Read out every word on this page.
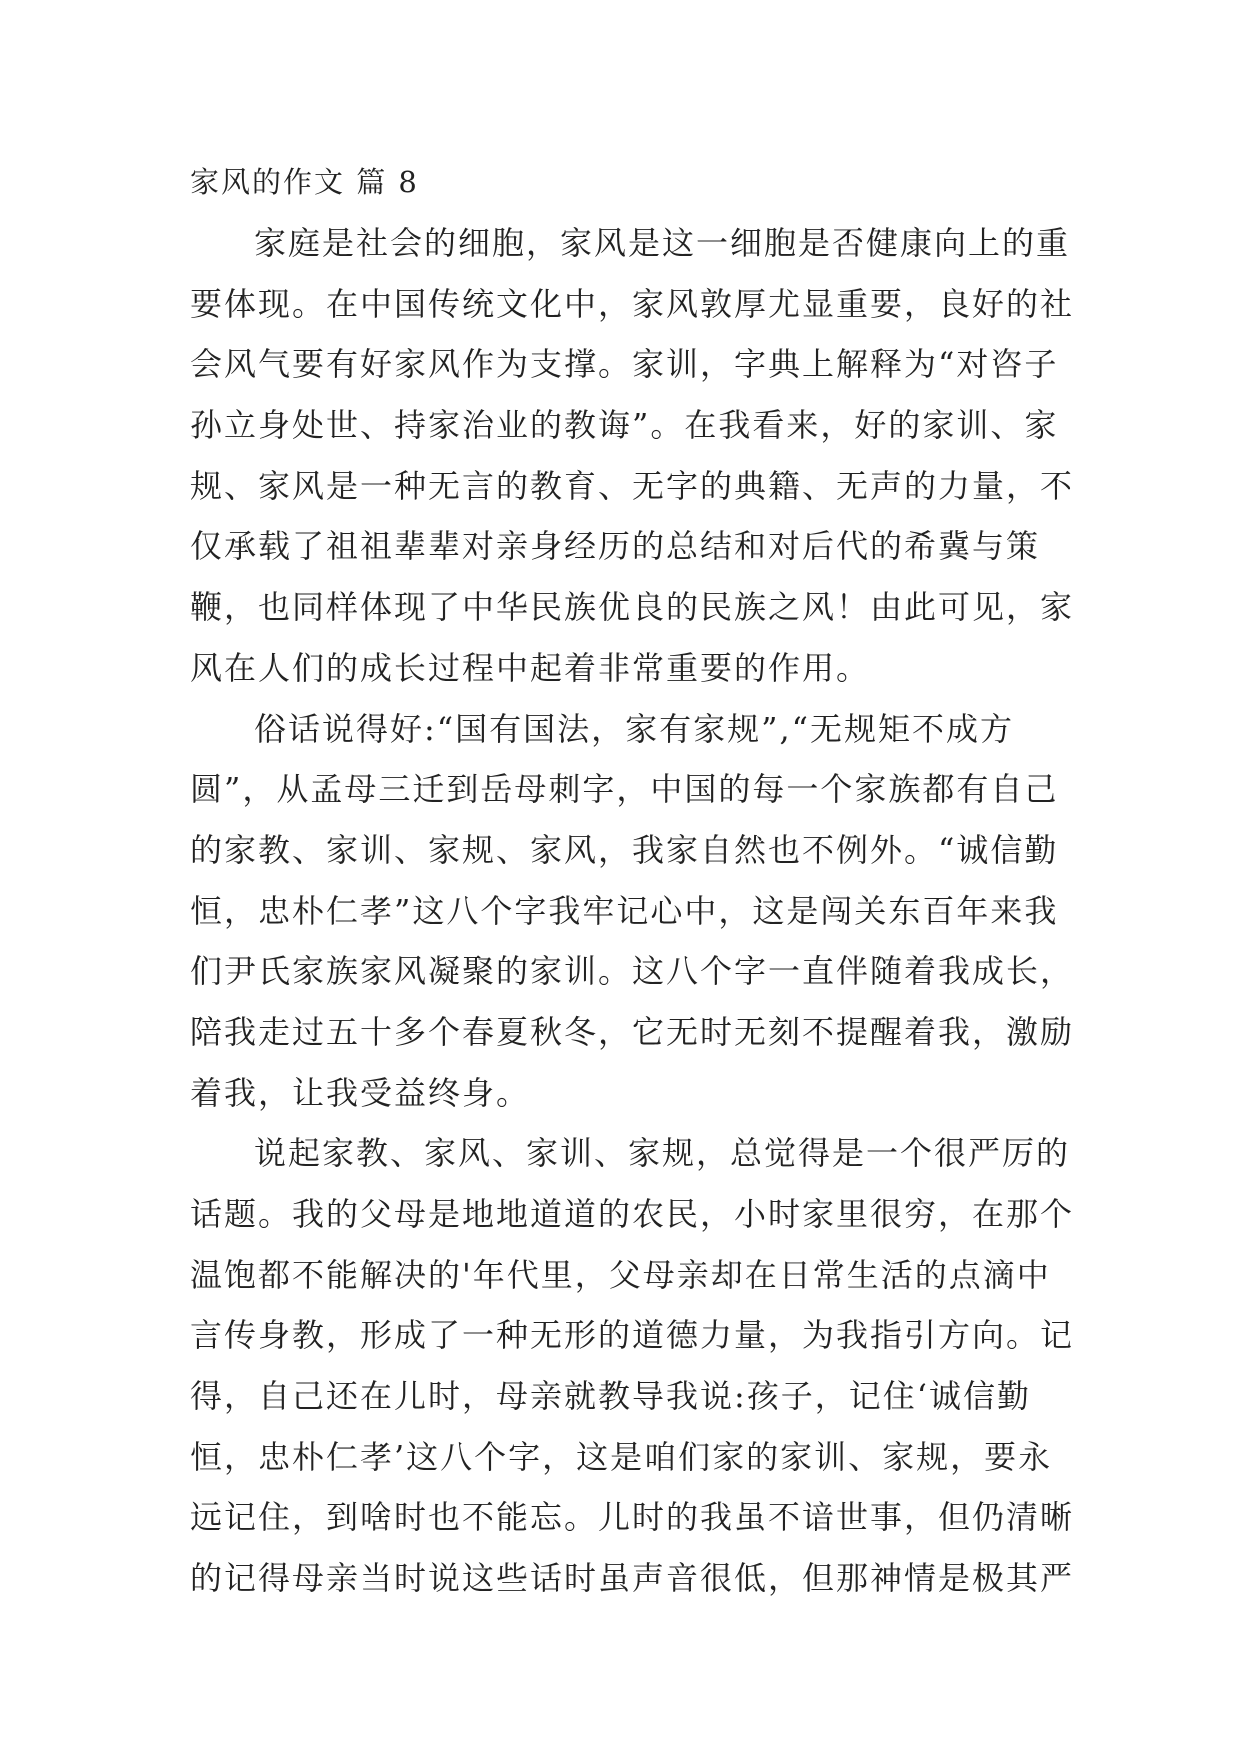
家风的作文 篇 8

家庭是社会的细胞，家风是这一细胞是否健康向上的重

要体现。在中国传统文化中，家风敦厚尤显重要，良好的社

会风气要有好家风作为支撑。家训，字典上解释为“对咨子

孙立身处世、持家治业的教诲”。在我看来，好的家训、家

规、家风是一种无言的教育、无字的典籍、无声的力量，不

仅承载了祖祖辈辈对亲身经历的总结和对后代的希冀与策

鞭，也同样体现了中华民族优良的民族之风！由此可见，家

风在人们的成长过程中起着非常重要的作用。

俗话说得好:“国有国法，家有家规”,“无规矩不成方

圆”，从孟母三迁到岳母刺字，中国的每一个家族都有自己

的家教、家训、家规、家风，我家自然也不例外。“诚信勤

恒，忠朴仁孝”这八个字我牢记心中，这是闯关东百年来我

们尹氏家族家风凝聚的家训。这八个字一直伴随着我成长，

陪我走过五十多个春夏秋冬，它无时无刻不提醒着我，激励

着我，让我受益终身。

说起家教、家风、家训、家规，总觉得是一个很严厉的

话题。我的父母是地地道道的农民，小时家里很穷，在那个

温饱都不能解决的'年代里，父母亲却在日常生活的点滴中

言传身教，形成了一种无形的道德力量，为我指引方向。记

得，自己还在儿时，母亲就教导我说:孩子，记住‘诚信勤

恒，忠朴仁孝’这八个字，这是咱们家的家训、家规，要永

远记住，到啥时也不能忘。儿时的我虽不谙世事，但仍清晰

的记得母亲当时说这些话时虽声音很低，但那神情是极其严
